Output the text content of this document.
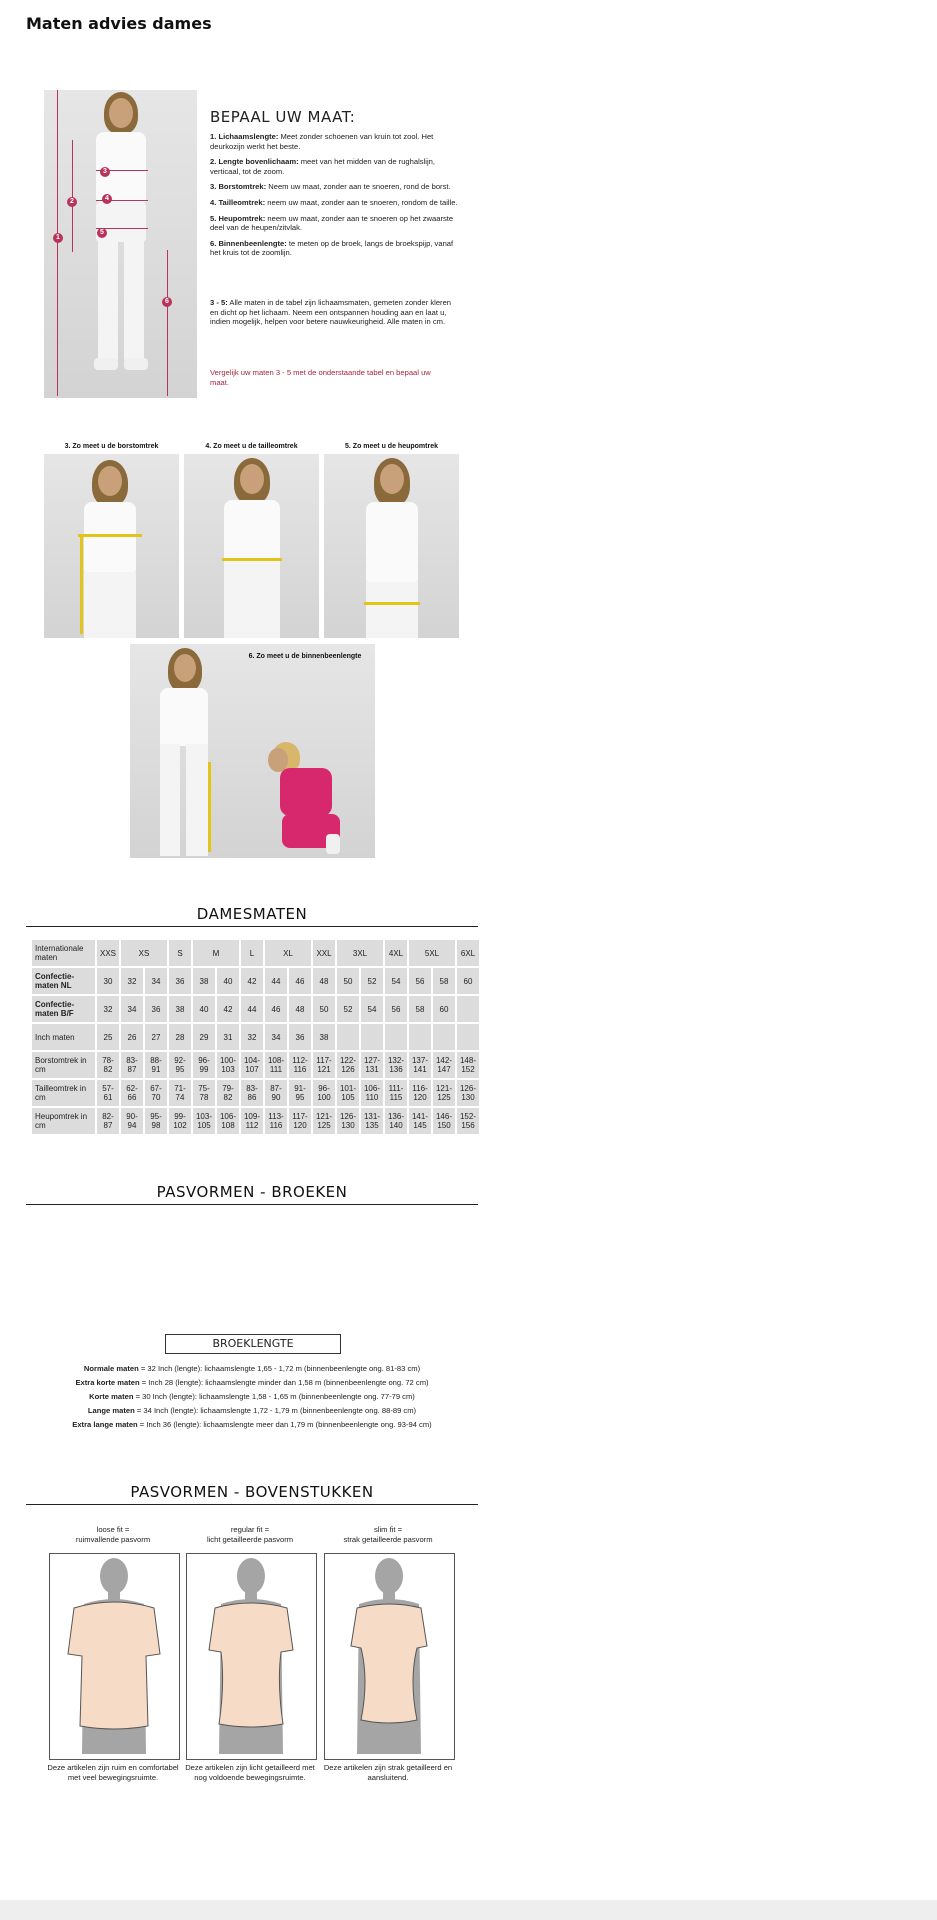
Maten advies dames
1
2
3
4
5
6
BEPAAL UW MAAT:

1. Lichaamslengte: Meet zonder schoenen van kruin tot zool. Het deurkozijn werkt het beste.

2. Lengte bovenlichaam: meet van het midden van de rughalslijn, verticaal, tot de zoom.

3. Borstomtrek: Neem uw maat, zonder aan te snoeren, rond de borst.

4. Tailleomtrek: neem uw maat, zonder aan te snoeren, rondom de taille.

5. Heupomtrek: neem uw maat, zonder aan te snoeren op het zwaarste deel van de heupen/zitvlak.

6. Binnenbeenlengte: te meten op de broek, langs de broekspijp, vanaf het kruis tot de zoomlijn.

3 - 5: Alle maten in de tabel zijn lichaamsmaten, gemeten zonder kleren en dicht op het lichaam. Neem een ontspannen houding aan en laat u, indien mogelijk, helpen voor betere nauwkeurigheid. Alle maten in cm.
Vergelijk uw maten 3 - 5 met de onderstaande tabel en bepaal uw maat.
3. Zo meet u de borstomtrek	4. Zo meet u de tailleomtrek	5. Zo meet u de heupomtrek
6. Zo meet u de binnenbeenlengte
DAMESMATEN
Internationale maten	XXS	XS		S	M		L	XL		XXL	3XL		4XL	5XL		6XL
Confectie-maten NL	30	32	34	36	38	40	42	44	46	48	50	52	54	56	58	60
Confectie-maten B/F	32	34	36	38	40	42	44	46	48	50	52	54	56	58	60	
Inch maten	25	26	27	28	29	31	32	34	36	38						
Borstomtrek in cm	78-82	83-87	88-91	92-95	96-99	100-103	104-107	108-111	112-116	117-121	122-126	127-131	132-136	137-141	142-147	148-152
Tailleomtrek in cm	57-61	62-66	67-70	71-74	75-78	79-82	83-86	87-90	91-95	96-100	101-105	106-110	111-115	116-120	121-125	126-130
Heupomtrek in cm	82-87	90-94	95-98	99-102	103-105	106-108	109-112	113-116	117-120	121-125	126-130	131-135	136-140	141-145	146-150	152-156
PASVORMEN - BROEKEN
BROEKLENGTE
Normale maten = 32 Inch (lengte): lichaamslengte 1,65 - 1,72 m (binnenbeenlengte ong. 81-83 cm)
Extra korte maten = Inch 28 (lengte): lichaamslengte minder dan 1,58 m (binnenbeenlengte ong. 72 cm)
Korte maten = 30 Inch (lengte): lichaamslengte 1,58 - 1,65 m (binnenbeenlengte ong. 77-79 cm)
Lange maten = 34 Inch (lengte): lichaamslengte 1,72 - 1,79 m (binnenbeenlengte ong. 88-89 cm)
Extra lange maten = Inch 36 (lengte): lichaamslengte meer dan 1,79 m (binnenbeenlengte ong. 93-94 cm)
PASVORMEN - BOVENSTUKKEN
loose fit =
ruimvallende pasvorm
regular fit =
licht getailleerde pasvorm
slim fit =
strak getailleerde pasvorm
Deze artikelen zijn ruim en comfortabel met veel bewegingsruimte.
Deze artikelen zijn licht getailleerd met nog voldoende bewegingsruimte.
Deze artikelen zijn strak getailleerd en aansluitend.
